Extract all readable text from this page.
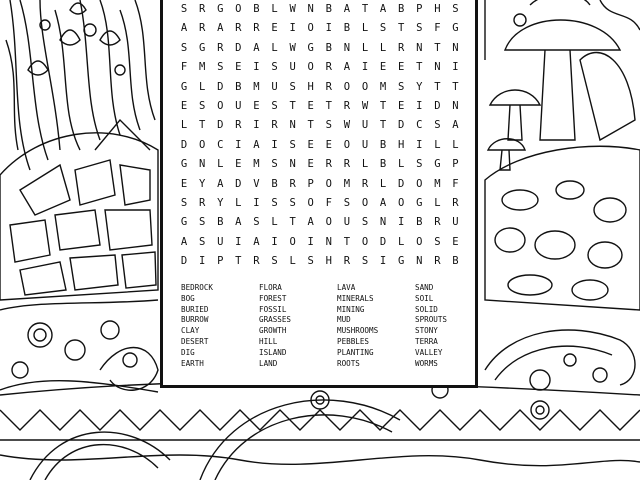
S	R	G	O	B	L	W	N	B	A	T	A	B	P	H	S
A	R	A	R	R	E	I	O	I	B	L	S	T	S	F	G
S	G	R	D	A	L	W	G	B	N	L	L	R	N	T	N
F	M	S	E	I	S	U	O	R	A	I	E	E	T	N	I
G	L	D	B	M	U	S	H	R	O	O	M	S	Y	T	T
E	S	O	U	E	S	T	E	T	R	W	T	E	I	D	N
L	T	D	R	I	R	N	T	S	W	U	T	D	C	S	A
D	O	C	I	A	I	S	E	E	O	U	B	H	I	L	L
G	N	L	E	M	S	N	E	R	R	L	B	L	S	G	P
E	Y	A	D	V	B	R	P	O	M	R	L	D	O	M	F
S	R	Y	L	I	S	S	O	F	S	O	A	O	G	L	R
G	S	B	A	S	L	T	A	O	U	S	N	I	B	R	U
A	S	U	I	A	I	O	I	N	T	O	D	L	O	S	E
D	I	P	T	R	S	L	S	H	R	S	I	G	N	R	B
BEDROCK
BOG
BURIED
BURROW
CLAY
DESERT
DIG
EARTH
FLORA
FOREST
FOSSIL
GRASSES
GROWTH
HILL
ISLAND
LAND
LAVA
MINERALS
MINING
MUD
MUSHROOMS
PEBBLES
PLANTING
ROOTS
SAND
SOIL
SOLID
SPROUTS
STONY
TERRA
VALLEY
WORMS
